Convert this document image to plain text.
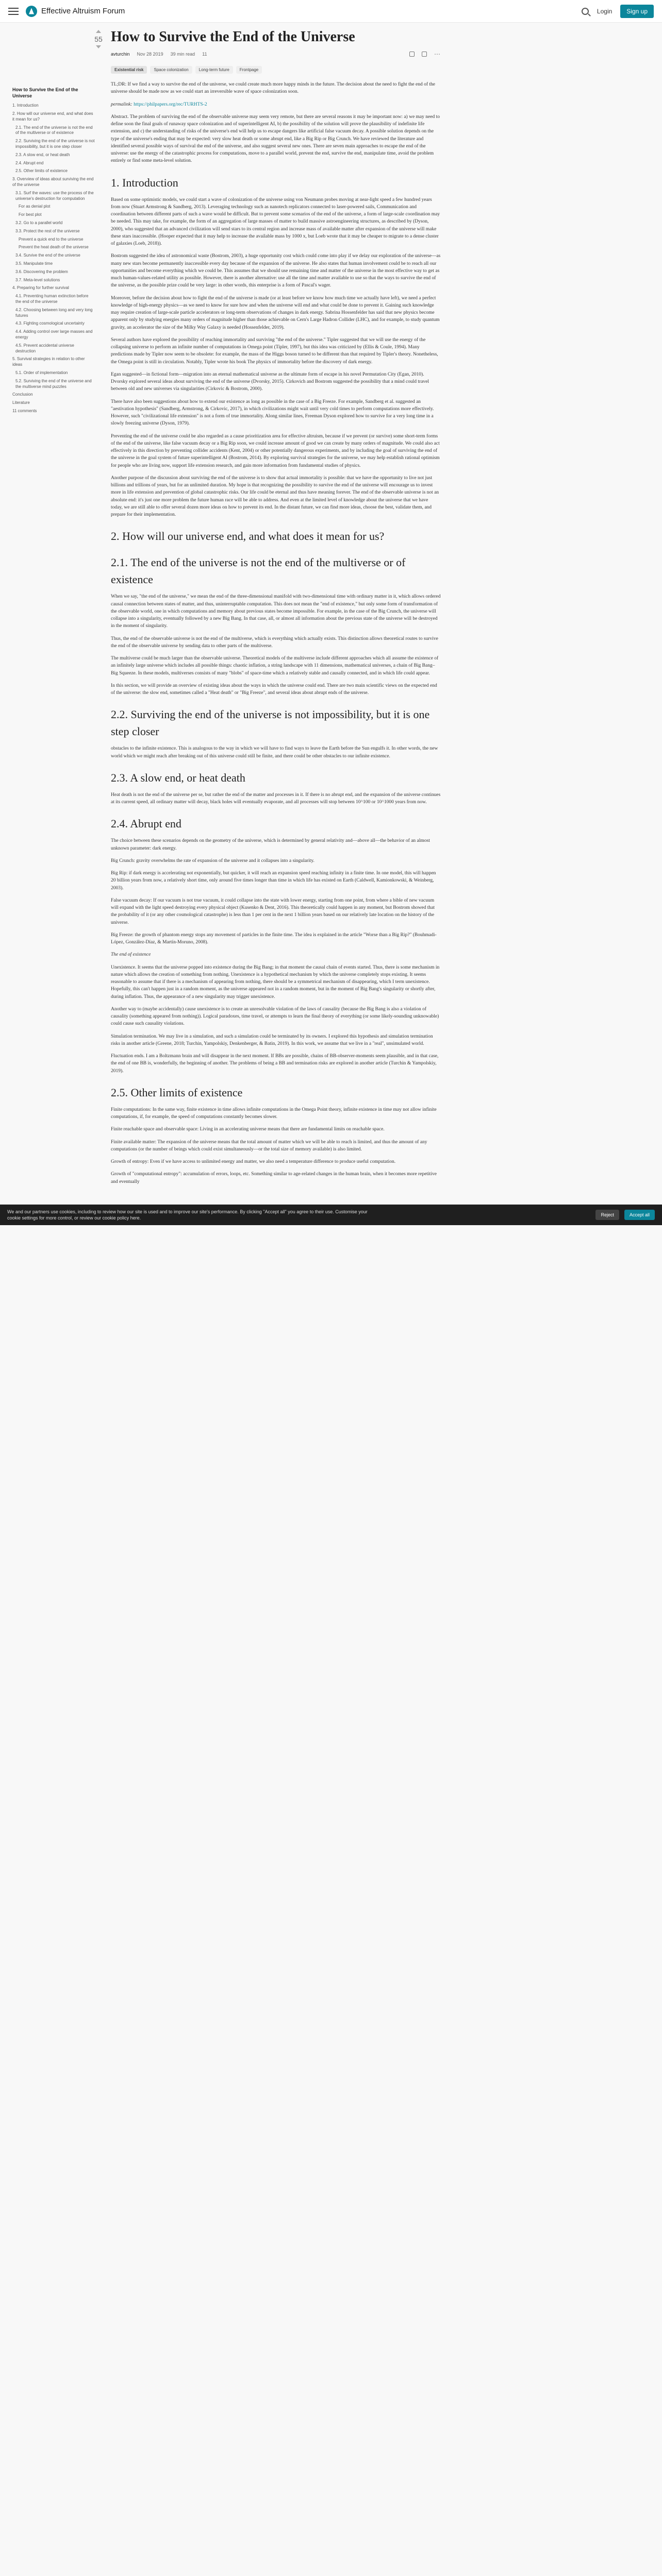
Effective Altruism Forum	Login	Sign up
How to Survive the End of the Universe
1. Introduction
2. How will our universe end, and what does it mean for us?
2.1. The end of the universe is not the end of the multiverse or of existence
2.2. Surviving the end of the universe is not impossibility, but it is one step closer
2.3. A slow end, or heat death
2.4. Abrupt end
2.5. Other limits of existence
3. Overview of ideas about surviving the end of the universe
3.1. Surf the waves: use the process of the universe's destruction for computation
For as denial plot
For best plot
3.2. Go to a parallel world
3.3. Protect the rest of the universe
Prevent a quick end to the universe
Prevent the heat death of the universe
3.4. Survive the end of the universe
3.5. Manipulate time
3.6. Discovering the problem
3.7. Meta-level solutions
4. Preparing for further survival
4.1. Preventing human extinction before the end of the universe
4.2. Choosing between long and very long futures
4.3. Fighting cosmological uncertainty
4.4. Adding control over large masses and energy
4.5. Prevent accidental universe destruction
5. Survival strategies in relation to other ideas
5.1. Order of implementation
5.2. Surviving the end of the universe and the multiverse mind puzzles
Conclusion
Literature
11 comments
55 How to Survive the End of the Universe
avturchin Nov 28 2019 39 min read 11	⋯
Existential risk	Space colonization	Long-term future	Frontpage

TL;DR: If we find a way to survive the end of the universe, we could create much more happy minds in the future. The decision about the need to fight the end of the universe should be made now as we could start an irreversible wave of space colonization soon.

permalink: https://philpapers.org/rec/TURHTS-2

Abstract. The problem of surviving the end of the observable universe may seem very remote, but there are several reasons it may be important now: a) we may need to define soon the final goals of runaway space colonization and of superintelligent AI, b) the possibility of the solution will prove the plausibility of indefinite life extension, and c) the understanding of risks of the universe's end will help us to escape dangers like artificial false vacuum decay. A possible solution depends on the type of the universe's ending that may be expected: very slow heat death or some abrupt end, like a Big Rip or Big Crunch. We have reviewed the literature and identified several possible ways of survival the end of the universe, and also suggest several new ones. There are seven main approaches to escape the end of the universe: use the energy of the catastrophic process for computations, move to a parallel world, prevent the end, survive the end, manipulate time, avoid the problem entirely or find some meta-level solution.

1. Introduction

Based on some optimistic models, we could start a wave of colonization of the universe using von Neumann probes moving at near-light speed a few hundred years from now (Stuart Armstrong & Sandberg, 2013). Leveraging technology such as nanotech replicators connected to laser-powered sails, Communication and coordination between different parts of such a wave would be difficult. But to prevent some scenarios of the end of the universe, a form of large-scale coordination may be needed. This may take, for example, the form of an aggregation of large masses of matter to build massive astroengineering structures, as described by (Dyson, 2000), who suggested that an advanced civilization will send stars to its central region and increase mass of available matter after expansion of the universe will make these stars inaccessible. (Hooper expected that it may help to increase the available mass by 1000 x, but Loeb wrote that it may be cheaper to migrate to a dense cluster of galaxies (Loeb, 2018)).

Bostrom suggested the idea of astronomical waste (Bostrom, 2003), a huge opportunity cost which could come into play if we delay our exploration of the universe—as many new stars become permanently inaccessible every day because of the expansion of the universe. He also states that human involvement could be to reach all our opportunities and become everything which we could be. This assumes that we should use remaining time and matter of the universe in the most effective way to get as much human-values-related utility as possible. However, there is another alternative: use all the time and matter available to use so that the ways to survive the end of the universe, as the possible prize could be very large: in other words, this enterprise is a form of Pascal's wager.

Moreover, before the decision about how to fight the end of the universe is made (or at least before we know how much time we actually have left), we need a perfect knowledge of high-energy physics—as we need to know for sure how and when the universe will end and what could be done to prevent it. Gaining such knowledge may require creation of large-scale particle accelerators or long-term observations of changes in dark energy. Sabrina Hossenfelder has said that new physics become apparent only by studying energies many orders of magnitude higher than those achievable on Cern's Large Hadron Collider (LHC), and for example, to study quantum gravity, an accelerator the size of the Milky Way Galaxy is needed (Hossenfelder, 2019).

Several authors have explored the possibility of reaching immortality and surviving "the end of the universe." Tipler suggested that we will use the energy of the collapsing universe to perform an infinite number of computations in Omega point (Tipler, 1997), but this idea was criticized by (Ellis & Coule, 1994). Many predictions made by Tipler now seem to be obsolete: for example, the mass of the Higgs boson turned to be different than that required by Tipler's theory. Nonetheless, the Omega point is still in circulation. Notably, Tipler wrote his book The physics of immortality before the discovery of dark energy.

Egan suggested—in fictional form—migration into an eternal mathematical universe as the ultimate form of escape in his novel Permutation City (Egan, 2010). Dvorsky explored several ideas about surviving the end of the universe (Dvorsky, 2015). Cirkovich and Bostrom suggested the possibility that a mind could travel between old and new universes via singularities (Cirkovic & Bostrom, 2000).

There have also been suggestions about how to extend our existence as long as possible in the case of a Big Freeze. For example, Sandberg et al. suggested an "aestivation hypothesis" (Sandberg, Armstrong, & Cirkovic, 2017), in which civilizations might wait until very cold times to perform computations more effectively. However, such "civilizational life extension" is not a form of true immortality. Along similar lines, Freeman Dyson explored how to survive for a very long time in a slowly freezing universe (Dyson, 1979).

Preventing the end of the universe could be also regarded as a cause prioritization area for effective altruism, because if we prevent (or survive) some short-term forms of the end of the universe, like false vacuum decay or a Big Rip soon, we could increase amount of good we can create by many orders of magnitude. We could also act effectively in this direction by preventing collider accidents (Kent, 2004) or other potentially dangerous experiments, and by including the goal of surviving the end of the universe in the goal system of future superintelligent AI (Bostrom, 2014). By exploring survival strategies for the universe, we may help establish rational optimism for people who are living now, support life extension research, and gain more information from fundamental studies of physics.

Another purpose of the discussion about surviving the end of the universe is to show that actual immortality is possible: that we have the opportunity to live not just billions and trillions of years, but for an unlimited duration. My hope is that recognizing the possibility to survive the end of the universe will encourage us to invest more in life extension and prevention of global catastrophic risks. Our life could be eternal and thus have meaning forever. The end of the observable universe is not an absolute end: it's just one more problem the future human race will be able to address. And even at the limited level of knowledge about the universe that we have today, we are still able to offer several dozen more ideas on how to prevent its end. In the distant future, we can find more ideas, choose the best, validate them, and prepare for their implementation.

2. How will our universe end, and what does it mean for us?
2.1. The end of the universe is not the end of the multiverse or of existence

When we say, "the end of the universe," we mean the end of the three-dimensional manifold with two-dimensional time with ordinary matter in it, which allows ordered causal connection between states of matter, and thus, uninterruptable computation. This does not mean the "end of existence," but only some form of transformation of the observable world, one in which computations and memory about previous states become impossible. For example, in the case of the Big Crunch, the universe will collapse into a singularity, eventually followed by a new Big Bang. In that case, all, or almost all information about the previous state of the universe will be destroyed in the moment of singularity.

Thus, the end of the observable universe is not the end of the multiverse, which is everything which actually exists. This distinction allows theoretical routes to survive the end of the observable universe by sending data to other parts of the multiverse.

The multiverse could be much larger than the observable universe. Theoretical models of the multiverse include different approaches which all assume the existence of an infinitely large universe which includes all possible things: chaotic inflation, a string landscape with 11 dimensions, mathematical universes, a chain of Big Bang–Big Squeeze. In these models, multiverses consists of many "blobs" of space-time which a relatively stable and causally connected, and in which life could appear.

In this section, we will provide an overview of existing ideas about the ways in which the universe could end. There are two main scientific views on the expected end of the universe: the slow end, sometimes called a "Heat death" or "Big Freeze", and several ideas about abrupt ends of the universe.

2.2. Surviving the end of the universe is not impossibility, but it is one step closer

obstacles to the infinite existence. This is analogous to the way in which we will have to find ways to leave the Earth before the Sun engulfs it. In other words, the new world which we might reach after breaking out of this universe could still be finite, and there could be other obstacles to our infinite existence.

2.3. A slow end, or heat death

Heat death is not the end of the universe per se, but rather the end of the matter and processes in it. If there is no abrupt end, and the expansion of the universe continues at its current speed, all ordinary matter will decay, black holes will eventually evaporate, and all processes will stop between 10^100 or 10^1000 years from now.

2.4. Abrupt end

The choice between these scenarios depends on the geometry of the universe, which is determined by general relativity and—above all—the behavior of an almost unknown parameter: dark energy.

Big Crunch: gravity overwhelms the rate of expansion of the universe and it collapses into a singularity.

Big Rip: if dark energy is accelerating not exponentially, but quicker, it will reach an expansion speed reaching infinity in a finite time. In one model, this will happen 20 billion years from now, a relatively short time, only around five times longer than time in which life has existed on Earth (Caldwell, Kamionkowski, & Weinberg, 2003).

False vacuum decay: If our vacuum is not true vacuum, it could collapse into the state with lower energy, starting from one point, from where a bible of new vacuum will expand with the light speed destroying every physical object (Kusenko & Dent, 2016). This theoretically could happen in any moment, but Bostrom showed that the probability of it (or any other cosmological catastrophe) is less than 1 per cent in the next 1 billion years based on our relatively late location on the history of the universe.

Big Freeze: the growth of phantom energy stops any movement of particles in the finite time. The idea is explained in the article "Worse than a Big Rip?" (Bouhmadi-López, González-Díaz, & Martín-Moruno, 2008).

The end of existence

Unexistence. It seems that the universe popped into existence during the Big Bang; in that moment the causal chain of events started. Thus, there is some mechanism in nature which allows the creation of something from nothing. Unexistence is a hypothetical mechanism by which the universe completely stops existing. It seems reasonable to assume that if there is a mechanism of appearing from nothing, there should be a symmetrical mechanism of disappearing, which I term unexistence. Hopefully, this can't happen just in a random moment, as the universe appeared not in a random moment, but in the moment of Big Bang's singularity or shortly after, during inflation. Thus, the appearance of a new singularity may trigger unexistence.

Another way to (maybe accidentally) cause unexistence is to create an unresolvable violation of the laws of causality (because the Big Bang is also a violation of causality (something appeared from nothing)). Logical paradoxes, time travel, or attempts to learn the final theory of everything (or some likely-sounding unknowable) could cause such causality violations.

Simulation termination. We may live in a simulation, and such a simulation could be terminated by its owners. I explored this hypothesis and simulation termination risks in another article (Greene, 2018; Turchin, Yampolskiy, Denkenberger, & Batin, 2019). In this work, we assume that we live in a "real", unsimulated world.

Fluctuation ends. I am a Boltzmann brain and will disappear in the next moment. If BBs are possible, chains of BB-observer-moments seem plausible, and in that case, the end of one BB is, wonderfully, the beginning of another. The problems of being a BB and termination risks are explored in another article (Turchin & Yampolskiy, 2019).

2.5. Other limits of existence

Finite computations: In the same way, finite existence in time allows infinite computations in the Omega Point theory, infinite existence in time may not allow infinite computations, if, for example, the speed of computations constantly becomes slower.

Finite reachable space and observable space: Living in an accelerating universe means that there are fundamental limits on reachable space.

Finite available matter: The expansion of the universe means that the total amount of matter which we will be able to reach is limited, and thus the amount of any computations (or the number of beings which could exist simultaneously—or the total size of memory available) is also limited.

Growth of entropy: Even if we have access to unlimited energy and matter, we also need a temperature difference to produce useful computation.

Growth of "computational entropy": accumulation of errors, loops, etc. Something similar to age-related changes in the human brain, when it becomes more repetitive and eventually

We and our partners use cookies, including to review how our site is used and to improve our site's performance. By clicking "Accept all" you agree to their use. Customise your cookie settings for more control, or review our cookie policy here.
Reject	Accept all
